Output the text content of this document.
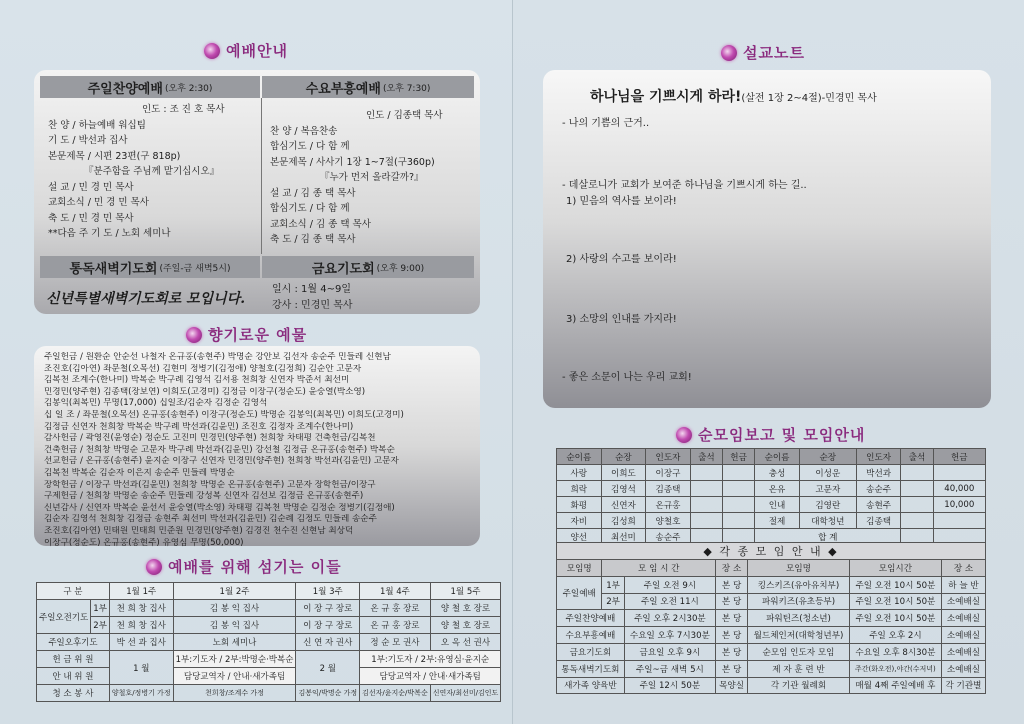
예배안내
주일찬양예배 (오후 2:30)	수요부흥예배 (오후 7:30)
인도 : 조 진 호 목사
찬 양 / 하늘예배 워십팀
기 도 / 박선과 집사
본문제목 / 시편 23편(구 818p)
『분주함을 주님께 맡기십시오』
설 교 / 민 경 민 목사
교회소식 / 민 경 민 목사
축 도 / 민 경 민 목사
**다음 주 기 도 / 노회 세미나
인도 / 김종택 목사
찬 양 / 복음찬송
합심기도 / 다 함 께
본문제목 / 사사기 1장 1~7절(구360p)
『누가 먼저 올라갈까?』
설 교 / 김 종 택 목사
합심기도 / 다 함 께
교회소식 / 김 종 택 목사
축 도 / 김 종 택 목사
통독새벽기도회 (주일-금 새벽5시)	금요기도회 (오후 9:00)
신년특별새벽기도회로 모입니다.
일시 : 1월 4~9일
강사 : 민경민 목사
향기로운 예물
주일헌금 / 원환순 안순선 나철자 온규홍(송현주) 박명순 강안보 김선자 송순주 민들레 신현남
조진호(김아연) 좌문철(오목선) 김현미 정병기(김정애) 양철호(김정희) 김순안 고문자
김복천 조계수(한나미) 박복순 박구례 김영석 김서용 천희창 신연자 박준서 최선미
민경민(양주현) 김종택(장보연) 이희도(고경미) 김정금 이장구(정순도) 윤숭열(박소영)
김봉익(최복민) 무명(17,000) 십일조/김순자 김정순 김영석
십 일 조 / 좌문철(오목선) 온규홍(송현주) 이장구(정순도) 박명순 김봉익(최복민) 이희도(고경미)
김정금 신연자 천희창 박복순 박구례 박선과(김윤민) 조진호 김정자 조계수(한나미)
감사헌금 / 곽영진(윤영순) 정순도 고진미 민경민(양주현) 천희창 차태평 건축헌금/김복천
건축헌금 / 천희창 박명순 고문자 박구례 박선과(김윤민) 강선철 김정금 온규홍(송현주) 박복순
선교헌금 / 온규홍(송현주) 윤지순 이장구 신연자 민경민(양주현) 천희창 박선과(김윤민) 고문자
김복천 박복순 김순자 이은지 송순주 민들레 박명순
장학헌금 / 이장구 박선과(김윤민) 천희창 박명순 온규홍(송현주) 고문자 장학헌금/이장구
구제헌금 / 천희창 박명순 송순주 민들레 강성복 신연자 김선보 김정금 온규홍(송현주)
신년감사 / 신연자 박복순 윤선서 윤숭열(박소영) 차태평 김복천 박명순 김정순 정병기(김정애)
김순자 김영석 천희창 김정금 송현주 최선미 박선과(김윤민) 김순례 김정도 민들레 송순주
조진호(김아연) 민태원 민태희 민준원 민경민(양주현) 김경진 천수진 신현남 최상덕
이장구(정순도) 온규홍(송현주) 유영심 무명(50,000)
예배를 위해 섬기는 이들
구 분		1월 1주	1월 2주	1월 3주	1월 4주	1월 5주
주일오전기도	1부	천 희 창 집사	김 봉 익 집사	이 장 구 장로	온 규 홍 장로	양 철 호 장로
	2부	천 희 창 집사	김 봉 익 집사	이 장 구 장로	온 규 홍 장로	양 철 호 장로
주일오후기도		박 선 과 집사	노회 세미나	신 연 자 권사	정 순 모 권사	오 옥 선 권사
헌 금 위 원		1 월	1부:기도자 / 2부:박명순·박복순	2 월	1부:기도자 / 2부:유영심·윤지순	
안 내 위 원			담당교역자 / 안내·새가족팀		담당교역자 / 안내·새가족팀	
청 소 봉 사		양철호/정병기 가정	천희창/조계수 가정	김봉익/박명순 가정	김선자/윤지순/박복순	신연자/최선미/김인도
설교노트
하나님을 기쁘시게 하라!(살전 1장 2~4절)-민경민 목사
- 나의 기쁨의 근거..
- 데살로니가 교회가 보여준 하나님을 기쁘시게 하는 길..
1) 믿음의 역사를 보이라!
2) 사랑의 수고를 보이라!
3) 소망의 인내를 가지라!
- 좋은 소문이 나는 우리 교회!
순모임보고 및 모임안내
순이름	순장	인도자	출석	헌금	순이름	순장	인도자	출석	헌금
사랑	이희도	이장구			충성	이성운	박선과		
희락	김영석	김종택			온유	고문자	송순주		40,000
화평	신연자	온규홍			인내	김영란	송현주		10,000
자비	김성희	양철호			절제	대학청년	김종택		
양선	최선미	송순주			합 계				
◆ 각 종 모 임 안 내 ◆						
모임명	모 임 시 간		장 소	모임명	모임시간	장 소
주일예배	1부	주일 오전 9시	본 당	킹스키즈(유아유치부)	주일 오전 10시 50분	하 늘 반
	2부	주일 오전 11시	본 당	파워키즈(유초등부)	주일 오전 10시 50분	소예배실
주일찬양예배		주일 오후 2시30분	본 당	파워틴즈(청소년)	주일 오전 10시 50분	소예배실
수요부흥예배		수요일 오후 7시30분	본 당	월드체인저(대학청년부)	주일 오후 2시	소예배실
금요기도회		금요일 오후 9시	본 당	순모임 인도자 모임	수요일 오후 8시30분	소예배실
통독새벽기도회		주일~금 새벽 5시	본 당	제 자 훈 련 반	주간(화오전),야간(수저녁)	소예배실
새가족 양육반		주일 12시 50분	목양실	각 기관 월례회	매월 4째 주일예배 후	각 기관별
